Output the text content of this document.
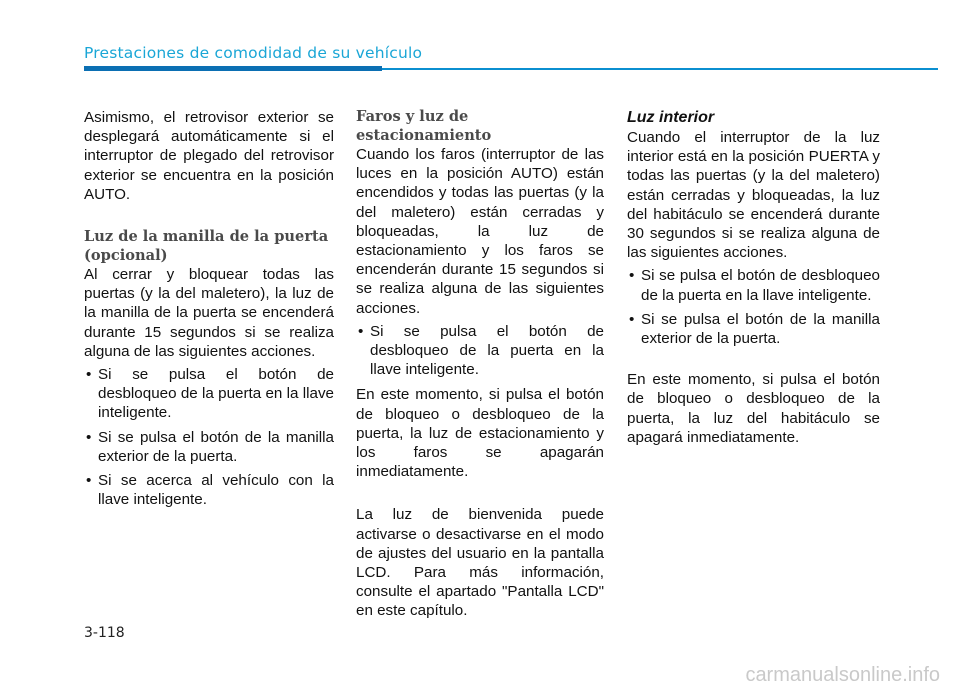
Prestaciones de comodidad de su vehículo

Asimismo, el retrovisor exterior se desplegará automáticamente si el interruptor de plegado del retrovisor exterior se encuentra en la posición AUTO.

Luz de la manilla de la puerta (opcional)

Al cerrar y bloquear todas las puertas (y la del maletero), la luz de la manilla de la puerta se encenderá durante 15 segundos si se realiza alguna de las siguientes acciones.

• Si se pulsa el botón de desbloqueo de la puerta en la llave inteligente.
• Si se pulsa el botón de la manilla exterior de la puerta.
• Si se acerca al vehículo con la llave inteligente.
Faros y luz de estacionamiento

Cuando los faros (interruptor de las luces en la posición AUTO) están encendidos y todas las puertas (y la del maletero) están cerradas y bloqueadas, la luz de estacionamiento y los faros se encenderán durante 15 segundos si se realiza alguna de las siguientes acciones.

• Si se pulsa el botón de desbloqueo de la puerta en la llave inteligente.

En este momento, si pulsa el botón de bloqueo o desbloqueo de la puerta, la luz de estacionamiento y los faros se apagarán inmediatamente.

La luz de bienvenida puede activarse o desactivarse en el modo de ajustes del usuario en la pantalla LCD. Para más información, consulte el apartado "Pantalla LCD" en este capítulo.

Luz interior

Cuando el interruptor de la luz interior está en la posición PUERTA y todas las puertas (y la del maletero) están cerradas y bloqueadas, la luz del habitáculo se encenderá durante 30 segundos si se realiza alguna de las siguientes acciones.

• Si se pulsa el botón de desbloqueo de la puerta en la llave inteligente.
• Si se pulsa el botón de la manilla exterior de la puerta.

En este momento, si pulsa el botón de bloqueo o desbloqueo de la puerta, la luz del habitáculo se apagará inmediatamente.

3-118
carmanualsonline.info
